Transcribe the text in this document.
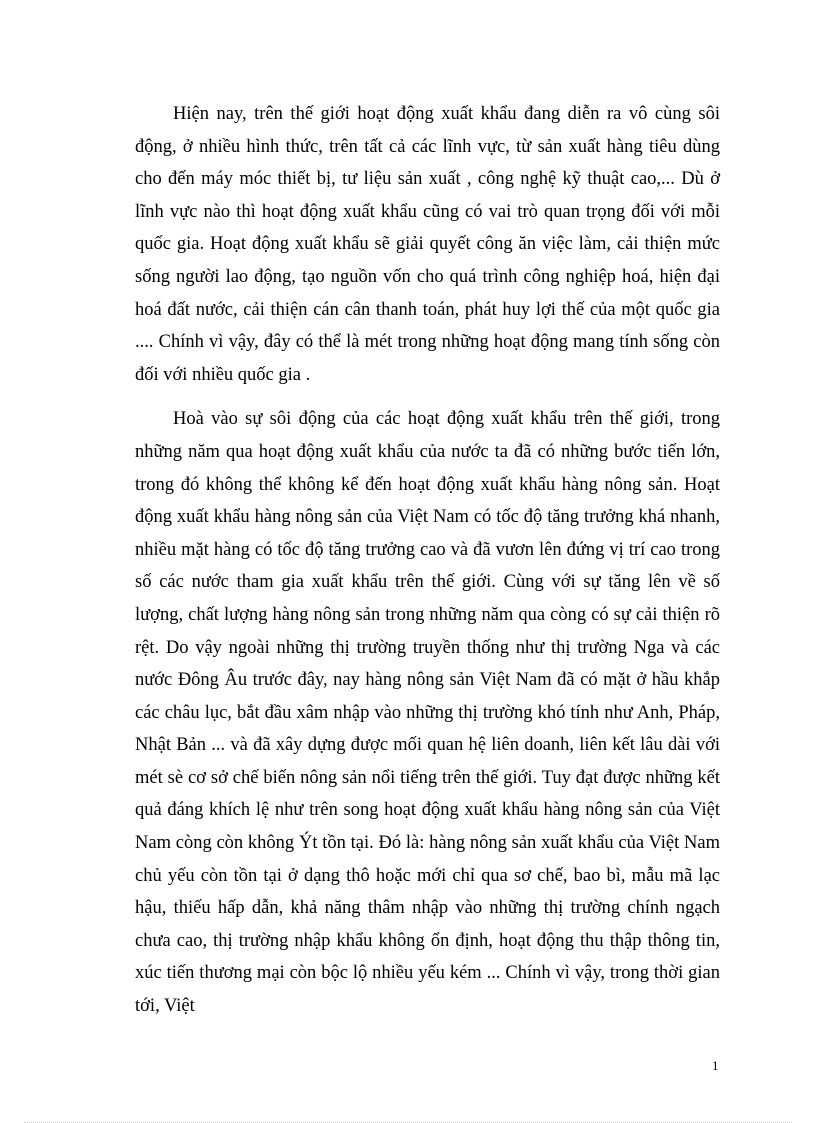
Hiện nay, trên thế giới hoạt động xuất khẩu đang diễn ra vô cùng sôi động, ở nhiều hình thức, trên tất cả các lĩnh vực, từ sản xuất hàng tiêu dùng cho đến máy móc thiết bị, tư liệu sản xuất , công nghệ kỹ thuật cao,... Dù ở lĩnh vực nào thì hoạt động xuất khẩu cũng có vai trò quan trọng đối với mỗi quốc gia. Hoạt động xuất khẩu sẽ giải quyết công ăn việc làm, cải thiện mức sống người lao động, tạo nguồn vốn cho quá trình công nghiệp hoá, hiện đại hoá đất nước, cải thiện cán cân thanh toán, phát huy lợi thế của một quốc gia .... Chính vì vậy, đây có thể là mét trong những hoạt động mang tính sống còn đối với nhiều quốc gia .

Hoà vào sự sôi động của các hoạt động xuất khẩu trên thế giới, trong những năm qua hoạt động xuất khẩu của nước ta đã có những bước tiến lớn, trong đó không thể không kể đến hoạt động xuất khẩu hàng nông sản. Hoạt động xuất khẩu hàng nông sản của Việt Nam có tốc độ tăng trưởng khá nhanh, nhiều mặt hàng có tốc độ tăng trưởng cao và đã vươn lên đứng vị trí cao trong số các nước tham gia xuất khẩu trên thế giới. Cùng với sự tăng lên về số lượng, chất lượng hàng nông sản trong những năm qua còng có sự cải thiện rõ rệt. Do vậy ngoài những thị trường truyền thống như thị trường Nga và các nước Đông Âu trước đây, nay hàng nông sản Việt Nam đã có mặt ở hầu khắp các châu lục, bắt đầu xâm nhập vào những thị trường khó tính như Anh, Pháp, Nhật Bản ... và đã xây dựng được mối quan hệ liên doanh, liên kết lâu dài với mét sè cơ sở chế biến nông sản nổi tiếng trên thế giới. Tuy đạt được những kết quả đáng khích lệ như trên song hoạt động xuất khẩu hàng nông sản của Việt Nam còng còn không Ýt tồn tại. Đó là: hàng nông sản xuất khẩu của Việt Nam chủ yếu còn tồn tại ở dạng thô hoặc mới chỉ qua sơ chế, bao bì, mẫu mã lạc hậu, thiếu hấp dẫn, khả năng thâm nhập vào những thị trường chính ngạch chưa cao, thị trường nhập khẩu không ổn định, hoạt động thu thập thông tin, xúc tiến thương mại còn bộc lộ nhiều yếu kém ... Chính vì vậy, trong thời gian tới, Việt

1
